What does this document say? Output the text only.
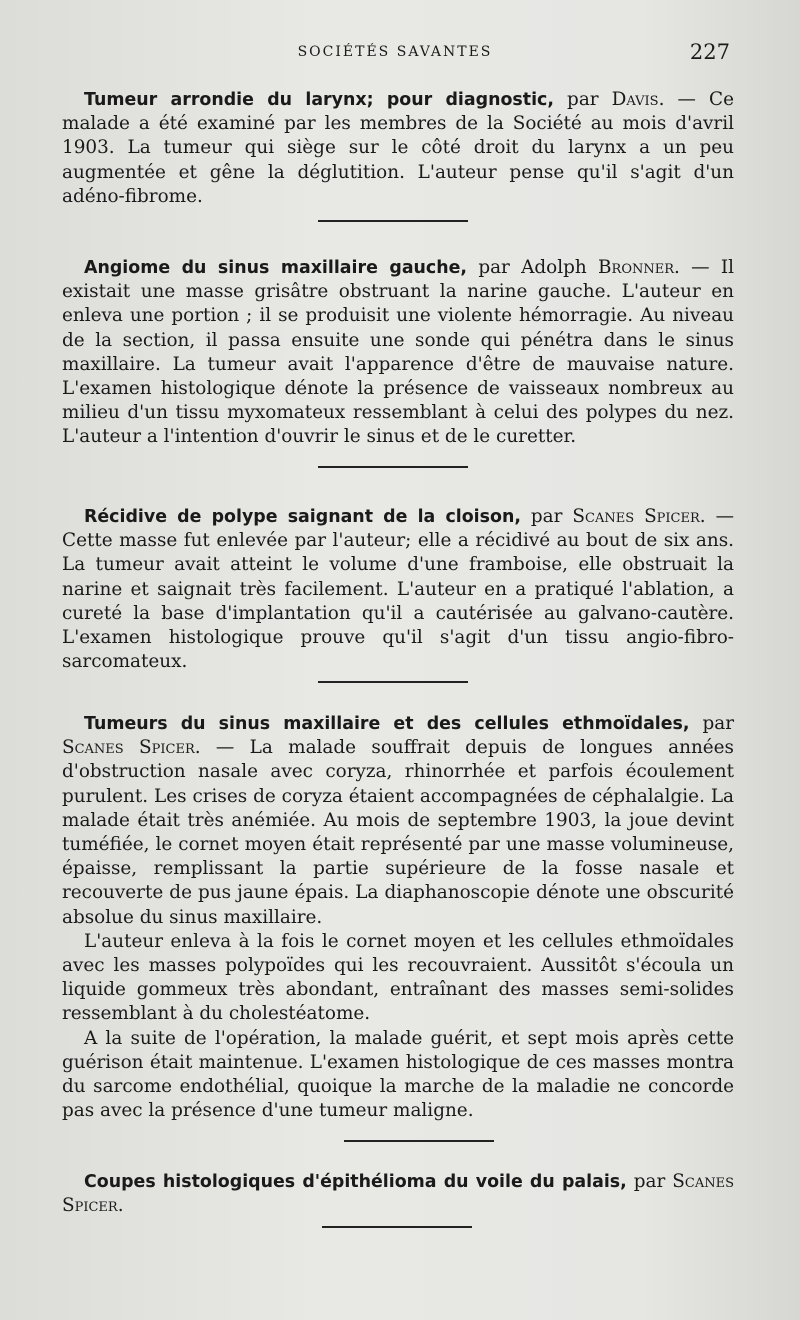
SOCIÉTÉS SAVANTES	227

Tumeur arrondie du larynx; pour diagnostic, par Davis. — Ce malade a été examiné par les membres de la Société au mois d'avril 1903. La tumeur qui siège sur le côté droit du larynx a un peu augmentée et gêne la déglutition. L'auteur pense qu'il s'agit d'un adéno-fibrome.

Angiome du sinus maxillaire gauche, par Adolph Bronner. — Il existait une masse grisâtre obstruant la narine gauche. L'auteur en enleva une portion ; il se produisit une violente hémorragie. Au niveau de la section, il passa ensuite une sonde qui pénétra dans le sinus maxillaire. La tumeur avait l'apparence d'être de mauvaise nature. L'examen histologique dénote la présence de vaisseaux nombreux au milieu d'un tissu myxomateux ressemblant à celui des polypes du nez. L'auteur a l'intention d'ouvrir le sinus et de le curetter.

Récidive de polype saignant de la cloison, par Scanes Spicer. — Cette masse fut enlevée par l'auteur; elle a récidivé au bout de six ans. La tumeur avait atteint le volume d'une framboise, elle obstruait la narine et saignait très facilement. L'auteur en a pratiqué l'ablation, a cureté la base d'implantation qu'il a cautérisée au galvano-cautère. L'examen histologique prouve qu'il s'agit d'un tissu angio-fibro-sarcomateux.

Tumeurs du sinus maxillaire et des cellules ethmoïdales, par Scanes Spicer. — La malade souffrait depuis de longues années d'obstruction nasale avec coryza, rhinorrhée et parfois écoulement purulent. Les crises de coryza étaient accompagnées de céphalalgie. La malade était très anémiée. Au mois de septembre 1903, la joue devint tuméfiée, le cornet moyen était représenté par une masse volumineuse, épaisse, remplissant la partie supérieure de la fosse nasale et recouverte de pus jaune épais. La diaphanoscopie dénote une obscurité absolue du sinus maxillaire.

L'auteur enleva à la fois le cornet moyen et les cellules ethmoïdales avec les masses polypoïdes qui les recouvraient. Aussitôt s'écoula un liquide gommeux très abondant, entraînant des masses semi-solides ressemblant à du cholestéatome.

A la suite de l'opération, la malade guérit, et sept mois après cette guérison était maintenue. L'examen histologique de ces masses montra du sarcome endothélial, quoique la marche de la maladie ne concorde pas avec la présence d'une tumeur maligne.

Coupes histologiques d'épithélioma du voile du palais, par Scanes Spicer.
